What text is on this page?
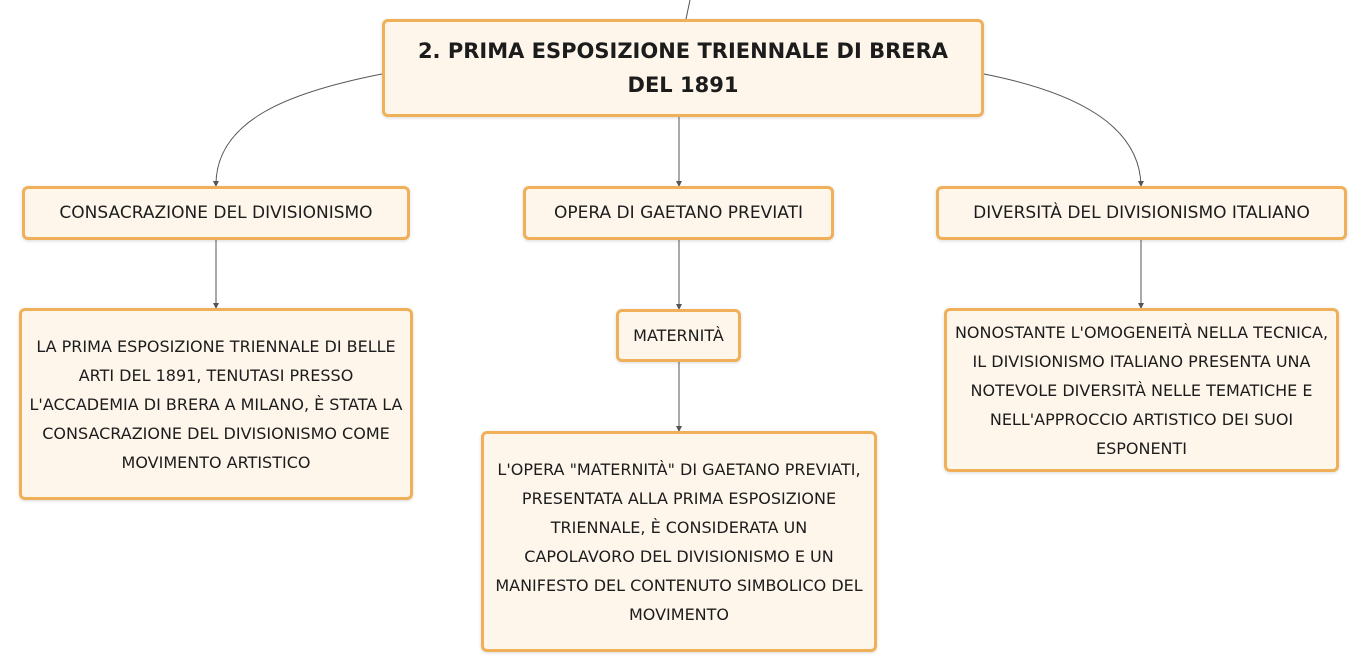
2. PRIMA ESPOSIZIONE TRIENNALE DI BRERA DEL 1891
CONSACRAZIONE DEL DIVISIONISMO	OPERA DI GAETANO PREVIATI	DIVERSITÀ DEL DIVISIONISMO ITALIANO
LA PRIMA ESPOSIZIONE TRIENNALE DI BELLE ARTI DEL 1891, TENUTASI PRESSO L'ACCADEMIA DI BRERA A MILANO, È STATA LA CONSACRAZIONE DEL DIVISIONISMO COME MOVIMENTO ARTISTICO
MATERNITÀ
L'OPERA "MATERNITÀ" DI GAETANO PREVIATI, PRESENTATA ALLA PRIMA ESPOSIZIONE TRIENNALE, È CONSIDERATA UN CAPOLAVORO DEL DIVISIONISMO E UN MANIFESTO DEL CONTENUTO SIMBOLICO DEL MOVIMENTO
NONOSTANTE L'OMOGENEITÀ NELLA TECNICA, IL DIVISIONISMO ITALIANO PRESENTA UNA NOTEVOLE DIVERSITÀ NELLE TEMATICHE E NELL'APPROCCIO ARTISTICO DEI SUOI ESPONENTI
